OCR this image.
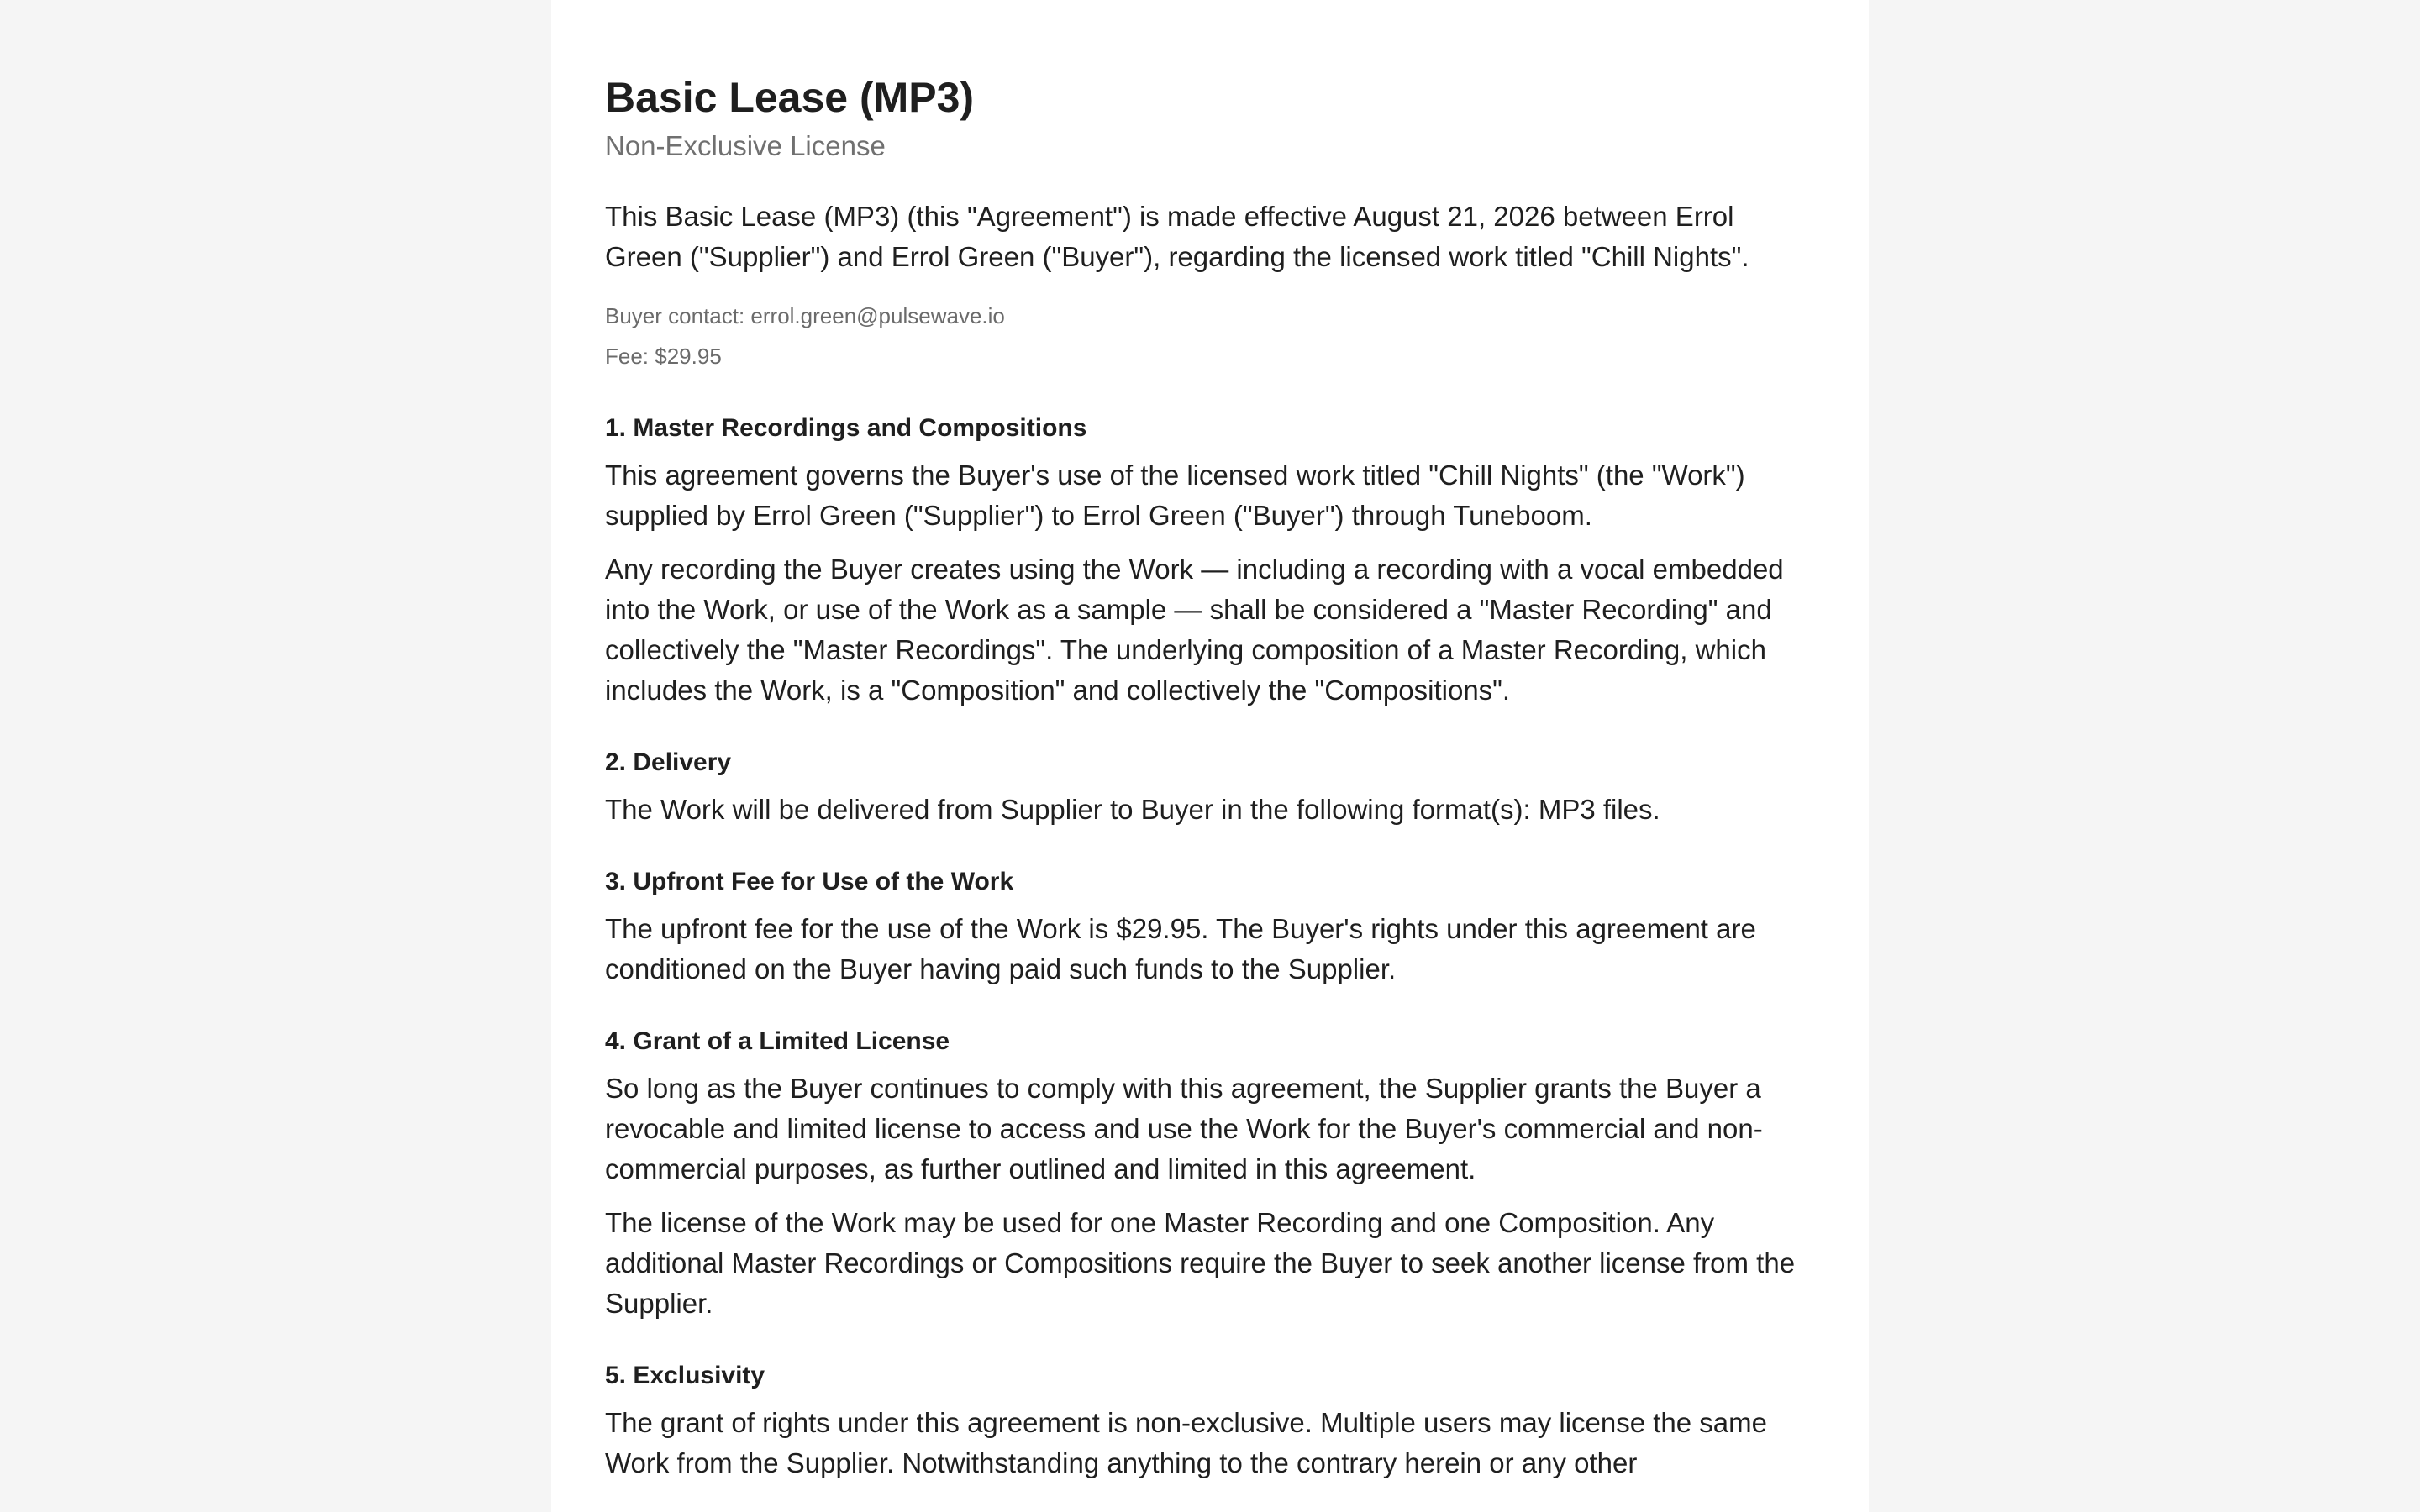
Basic Lease (MP3)
Non-Exclusive License

This Basic Lease (MP3) (this "Agreement") is made effective August 21, 2026 between Errol Green ("Supplier") and Errol Green ("Buyer"), regarding the licensed work titled "Chill Nights".

Buyer contact: errol.green@pulsewave.io

Fee: $29.95

1. Master Recordings and Compositions

This agreement governs the Buyer's use of the licensed work titled "Chill Nights" (the "Work") supplied by Errol Green ("Supplier") to Errol Green ("Buyer") through Tuneboom.

Any recording the Buyer creates using the Work — including a recording with a vocal embedded into the Work, or use of the Work as a sample — shall be considered a "Master Recording" and collectively the "Master Recordings". The underlying composition of a Master Recording, which includes the Work, is a "Composition" and collectively the "Compositions".

2. Delivery

The Work will be delivered from Supplier to Buyer in the following format(s): MP3 files.

3. Upfront Fee for Use of the Work

The upfront fee for the use of the Work is $29.95. The Buyer's rights under this agreement are conditioned on the Buyer having paid such funds to the Supplier.

4. Grant of a Limited License

So long as the Buyer continues to comply with this agreement, the Supplier grants the Buyer a revocable and limited license to access and use the Work for the Buyer's commercial and non-commercial purposes, as further outlined and limited in this agreement.

The license of the Work may be used for one Master Recording and one Composition. Any additional Master Recordings or Compositions require the Buyer to seek another license from the Supplier.

5. Exclusivity

The grant of rights under this agreement is non-exclusive. Multiple users may license the same Work from the Supplier. Notwithstanding anything to the contrary herein or any other
